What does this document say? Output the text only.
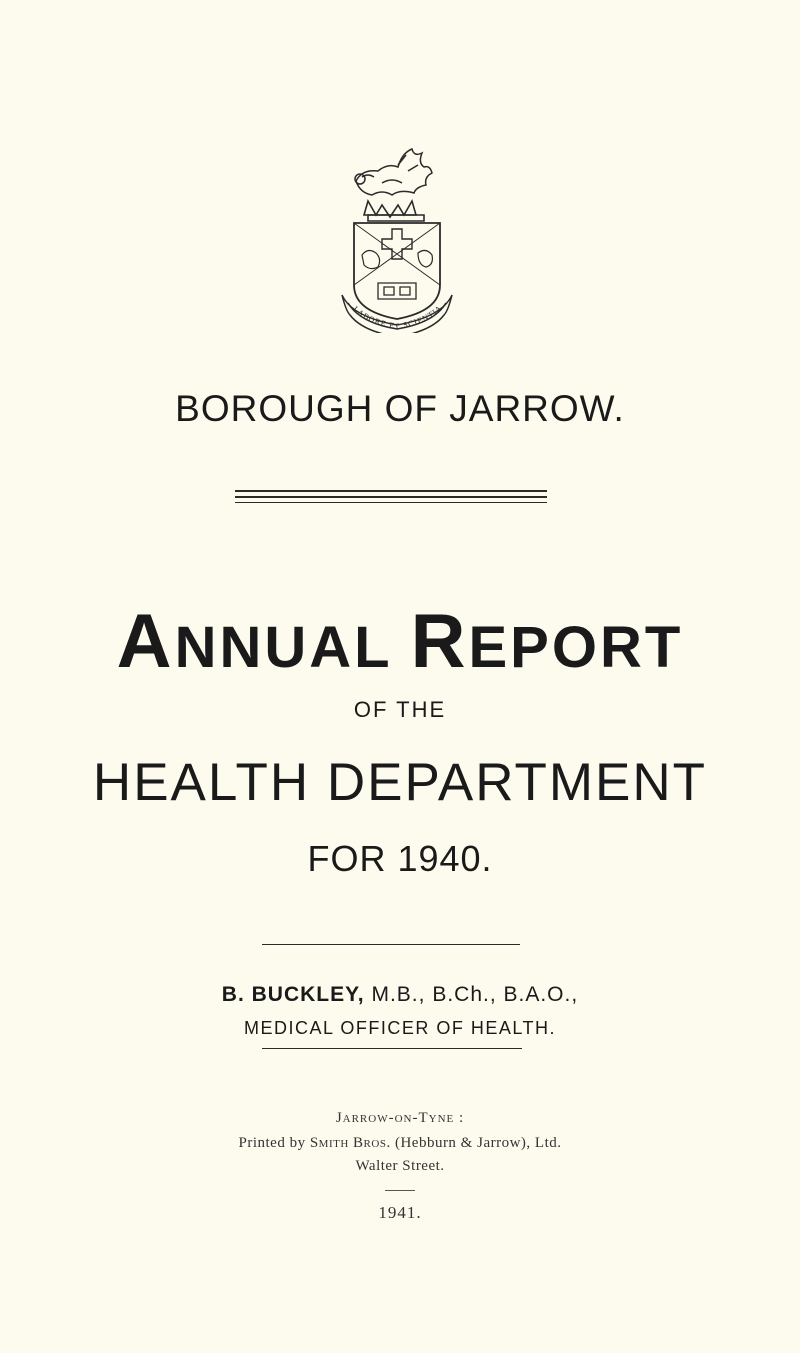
LABORE ET SCIENTIA
BOROUGH OF JARROW.
ANNUAL REPORT
OF THE
HEALTH DEPARTMENT
FOR 1940.
B. BUCKLEY, M.B., B.Ch., B.A.O.,
MEDICAL OFFICER OF HEALTH.
Jarrow-on-Tyne :
Printed by Smith Bros. (Hebburn & Jarrow), Ltd.
Walter Street.
1941.
